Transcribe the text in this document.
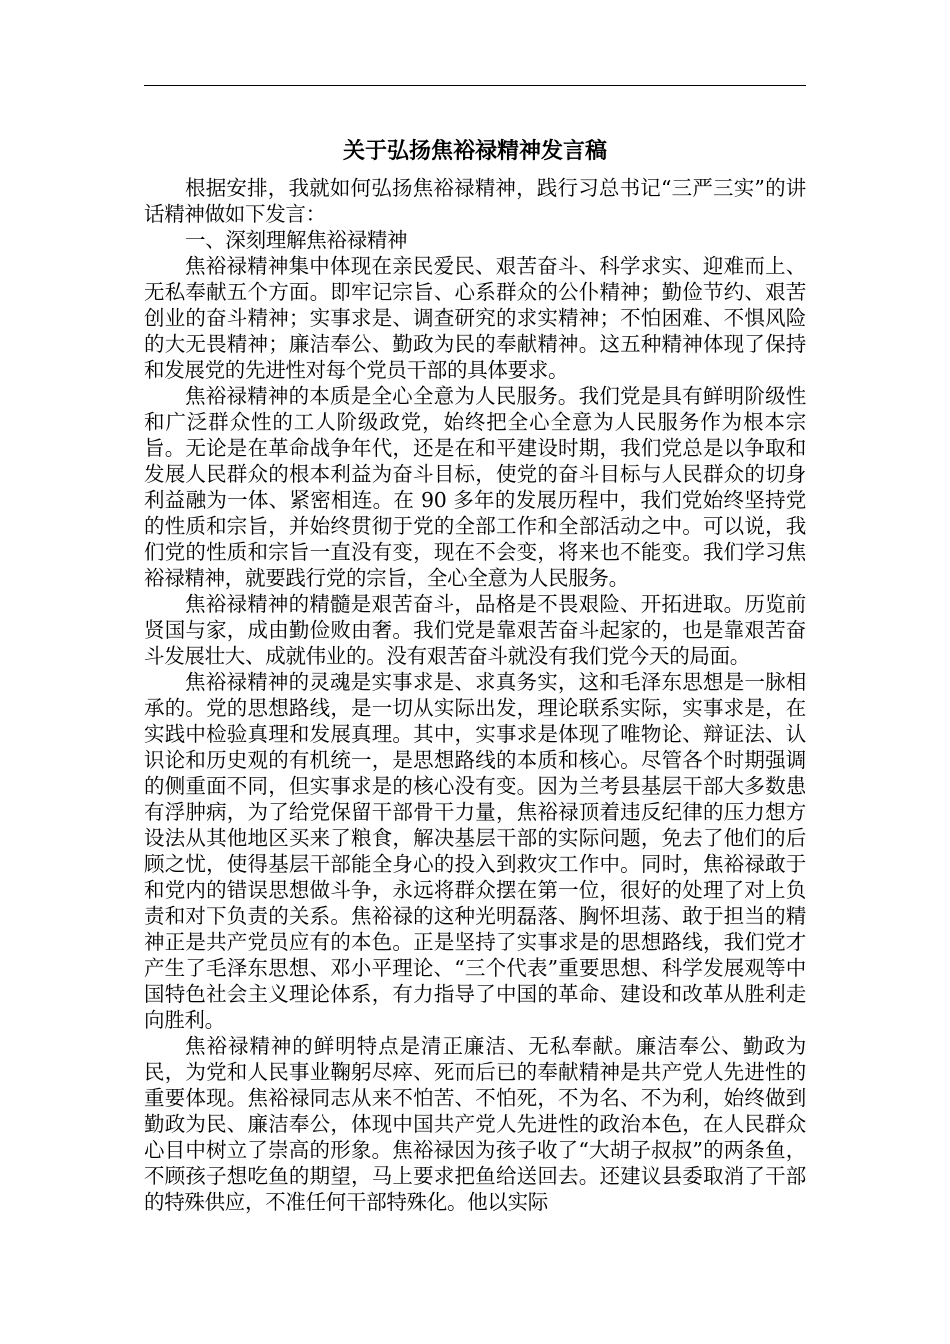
关于弘扬焦裕禄精神发言稿

根据安排，我就如何弘扬焦裕禄精神，践行习总书记“三严三实”的讲话精神做如下发言：

一、深刻理解焦裕禄精神

焦裕禄精神集中体现在亲民爱民、艰苦奋斗、科学求实、迎难而上、无私奉献五个方面。即牢记宗旨、心系群众的公仆精神；勤俭节约、艰苦创业的奋斗精神；实事求是、调查研究的求实精神；不怕困难、不惧风险的大无畏精神；廉洁奉公、勤政为民的奉献精神。这五种精神体现了保持和发展党的先进性对每个党员干部的具体要求。

焦裕禄精神的本质是全心全意为人民服务。我们党是具有鲜明阶级性和广泛群众性的工人阶级政党，始终把全心全意为人民服务作为根本宗旨。无论是在革命战争年代，还是在和平建设时期，我们党总是以争取和发展人民群众的根本利益为奋斗目标，使党的奋斗目标与人民群众的切身利益融为一体、紧密相连。在 90 多年的发展历程中，我们党始终坚持党的性质和宗旨，并始终贯彻于党的全部工作和全部活动之中。可以说，我们党的性质和宗旨一直没有变，现在不会变，将来也不能变。我们学习焦裕禄精神，就要践行党的宗旨，全心全意为人民服务。

焦裕禄精神的精髓是艰苦奋斗，品格是不畏艰险、开拓进取。历览前贤国与家，成由勤俭败由奢。我们党是靠艰苦奋斗起家的，也是靠艰苦奋斗发展壮大、成就伟业的。没有艰苦奋斗就没有我们党今天的局面。

焦裕禄精神的灵魂是实事求是、求真务实，这和毛泽东思想是一脉相承的。党的思想路线，是一切从实际出发，理论联系实际，实事求是，在实践中检验真理和发展真理。其中，实事求是体现了唯物论、辩证法、认识论和历史观的有机统一，是思想路线的本质和核心。尽管各个时期强调的侧重面不同，但实事求是的核心没有变。因为兰考县基层干部大多数患有浮肿病，为了给党保留干部骨干力量，焦裕禄顶着违反纪律的压力想方设法从其他地区买来了粮食，解决基层干部的实际问题，免去了他们的后顾之忧，使得基层干部能全身心的投入到救灾工作中。同时，焦裕禄敢于和党内的错误思想做斗争，永远将群众摆在第一位，很好的处理了对上负责和对下负责的关系。焦裕禄的这种光明磊落、胸怀坦荡、敢于担当的精神正是共产党员应有的本色。正是坚持了实事求是的思想路线，我们党才产生了毛泽东思想、邓小平理论、“三个代表”重要思想、科学发展观等中国特色社会主义理论体系，有力指导了中国的革命、建设和改革从胜利走向胜利。

焦裕禄精神的鲜明特点是清正廉洁、无私奉献。廉洁奉公、勤政为民，为党和人民事业鞠躬尽瘁、死而后已的奉献精神是共产党人先进性的重要体现。焦裕禄同志从来不怕苦、不怕死，不为名、不为利，始终做到勤政为民、廉洁奉公，体现中国共产党人先进性的政治本色，在人民群众心目中树立了崇高的形象。焦裕禄因为孩子收了“大胡子叔叔”的两条鱼，不顾孩子想吃鱼的期望，马上要求把鱼给送回去。还建议县委取消了干部的特殊供应，不准任何干部特殊化。他以实际
